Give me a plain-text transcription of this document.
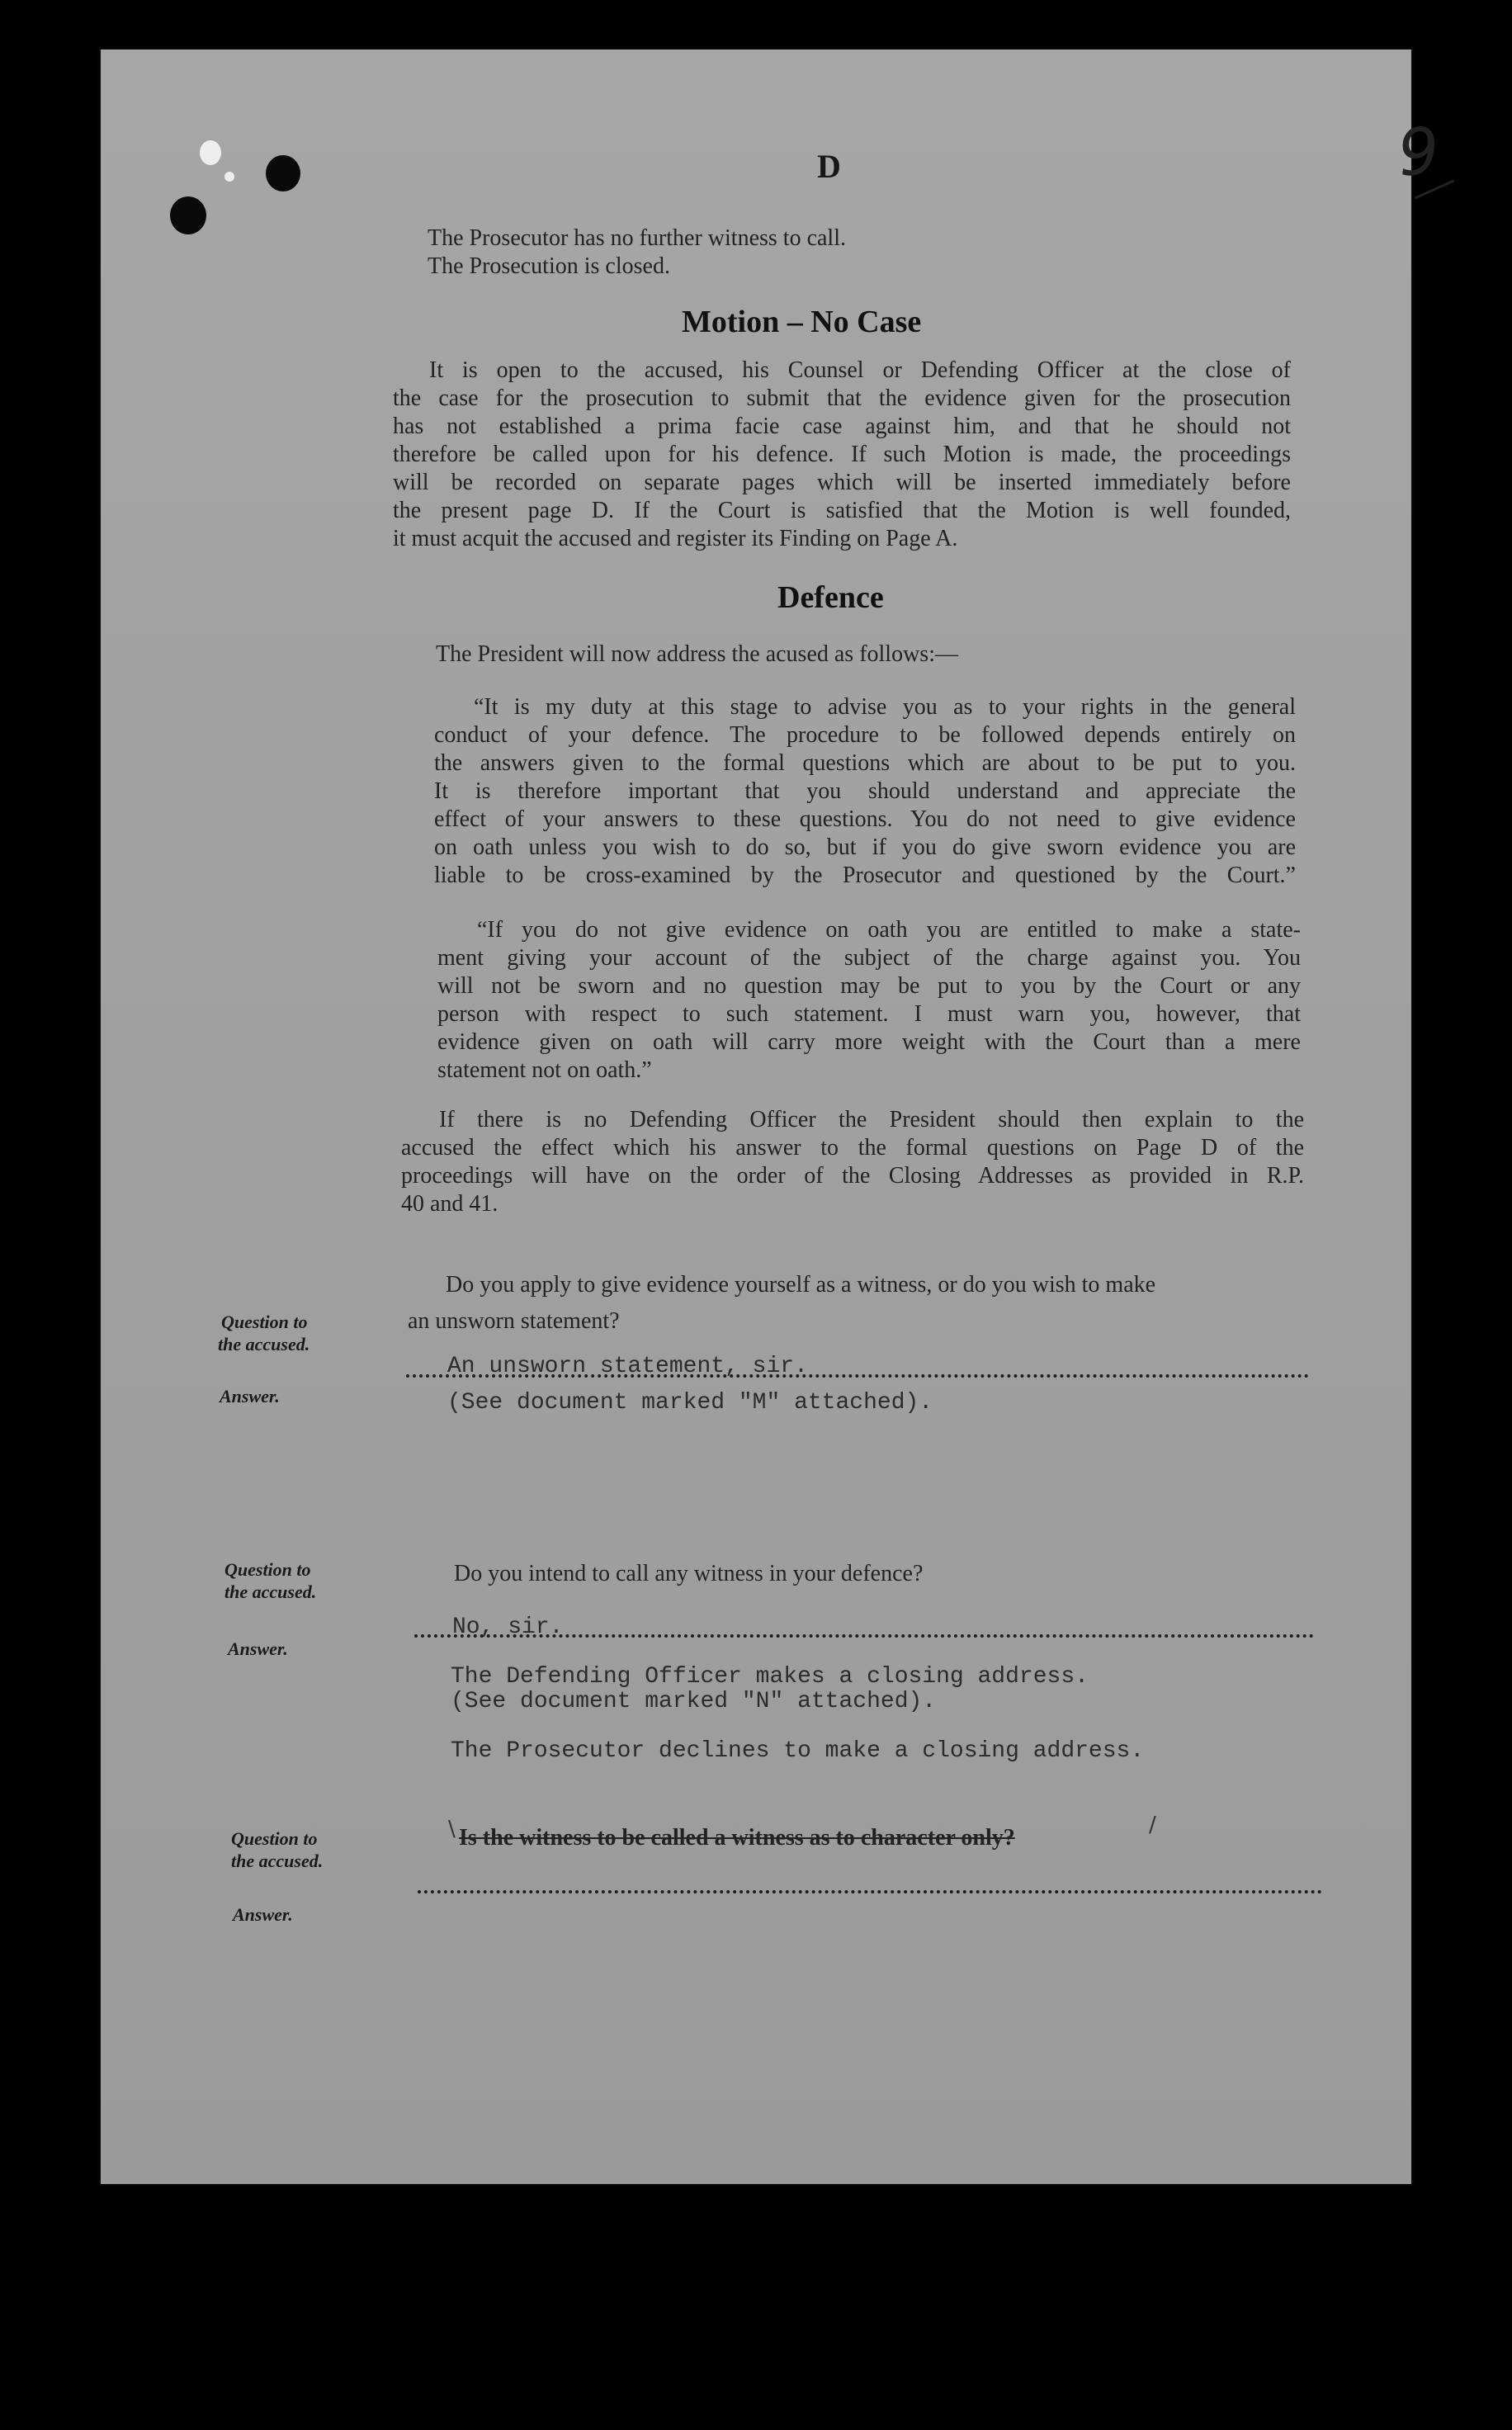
9
D
The Prosecutor has no further witness to call.
The Prosecution is closed.
Motion – No Case
It is open to the accused, his Counsel or Defending Officer at the close of
the case for the prosecution to submit that the evidence given for the prosecution
has not established a prima facie case against him, and that he should not
therefore be called upon for his defence. If such Motion is made, the proceedings
will be recorded on separate pages which will be inserted immediately before
the present page D. If the Court is satisfied that the Motion is well founded,
it must acquit the accused and register its Finding on Page A.
Defence
The President will now address the acused as follows:—
“It is my duty at this stage to advise you as to your rights in the general
conduct of your defence. The procedure to be followed depends entirely on
the answers given to the formal questions which are about to be put to you.
It is therefore important that you should understand and appreciate the
effect of your answers to these questions. You do not need to give evidence
on oath unless you wish to do so, but if you do give sworn evidence you are
liable to be cross-examined by the Prosecutor and questioned by the Court.”
“If you do not give evidence on oath you are entitled to make a state-
ment giving your account of the subject of the charge against you. You
will not be sworn and no question may be put to you by the Court or any
person with respect to such statement. I must warn you, however, that
evidence given on oath will carry more weight with the Court than a mere
statement not on oath.”
If there is no Defending Officer the President should then explain to the
accused the effect which his answer to the formal questions on Page D of the
proceedings will have on the order of the Closing Addresses as provided in R.P.
40 and 41.
Question to
the accused.
Answer.
Do you apply to give evidence yourself as a witness, or do you wish to make
an unsworn statement?
An unsworn statement, sir.
(See document marked "M" attached).
Question to
the accused.
Answer.
Do you intend to call any witness in your defence?
No, sir.
The Defending Officer makes a closing address.
(See document marked "N" attached).
The Prosecutor declines to make a closing address.
Question to
the accused.
Answer.
∖ Is the witness to be called a witness as to character only?	∕
